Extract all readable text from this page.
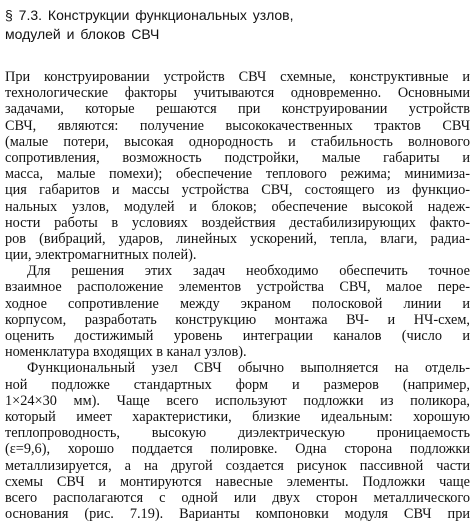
§ 7.3. Конструкции функциональных узлов,
модулей и блоков СВЧ
При конструировании устройств СВЧ схемные, конструктивные и
технологические факторы учитываются одновременно. Основными
задачами, которые решаются при конструировании устройств
СВЧ, являются: получение высококачественных трактов СВЧ
(малые потери, высокая однородность и стабильность волнового
сопротивления, возможность подстройки, малые габариты и
масса, малые помехи); обеспечение теплового режима; минимиза-
ция габаритов и массы устройства СВЧ, состоящего из функцио-
нальных узлов, модулей и блоков; обеспечение высокой надеж-
ности работы в условиях воздействия дестабилизирующих факто-
ров (вибраций, ударов, линейных ускорений, тепла, влаги, радиа-
ции, электромагнитных полей).
Для решения этих задач необходимо обеспечить точное
взаимное расположение элементов устройства СВЧ, малое пере-
ходное сопротивление между экраном полосковой линии и
корпусом, разработать конструкцию монтажа ВЧ- и НЧ-схем,
оценить достижимый уровень интеграции каналов (число и
номенклатура входящих в канал узлов).
Функциональный узел СВЧ обычно выполняется на отдель-
ной подложке стандартных форм и размеров (например,
1×24×30 мм). Чаще всего используют подложки из поликора,
который имеет характеристики, близкие идеальным: хорошую
теплопроводность, высокую диэлектрическую проницаемость
(ε=9,6), хорошо поддается полировке. Одна сторона подложки
металлизируется, а на другой создается рисунок пассивной части
схемы СВЧ и монтируются навесные элементы. Подложки чаще
всего располагаются с одной или двух сторон металлического
основания (рис. 7.19). Варианты компоновки модуля СВЧ при
